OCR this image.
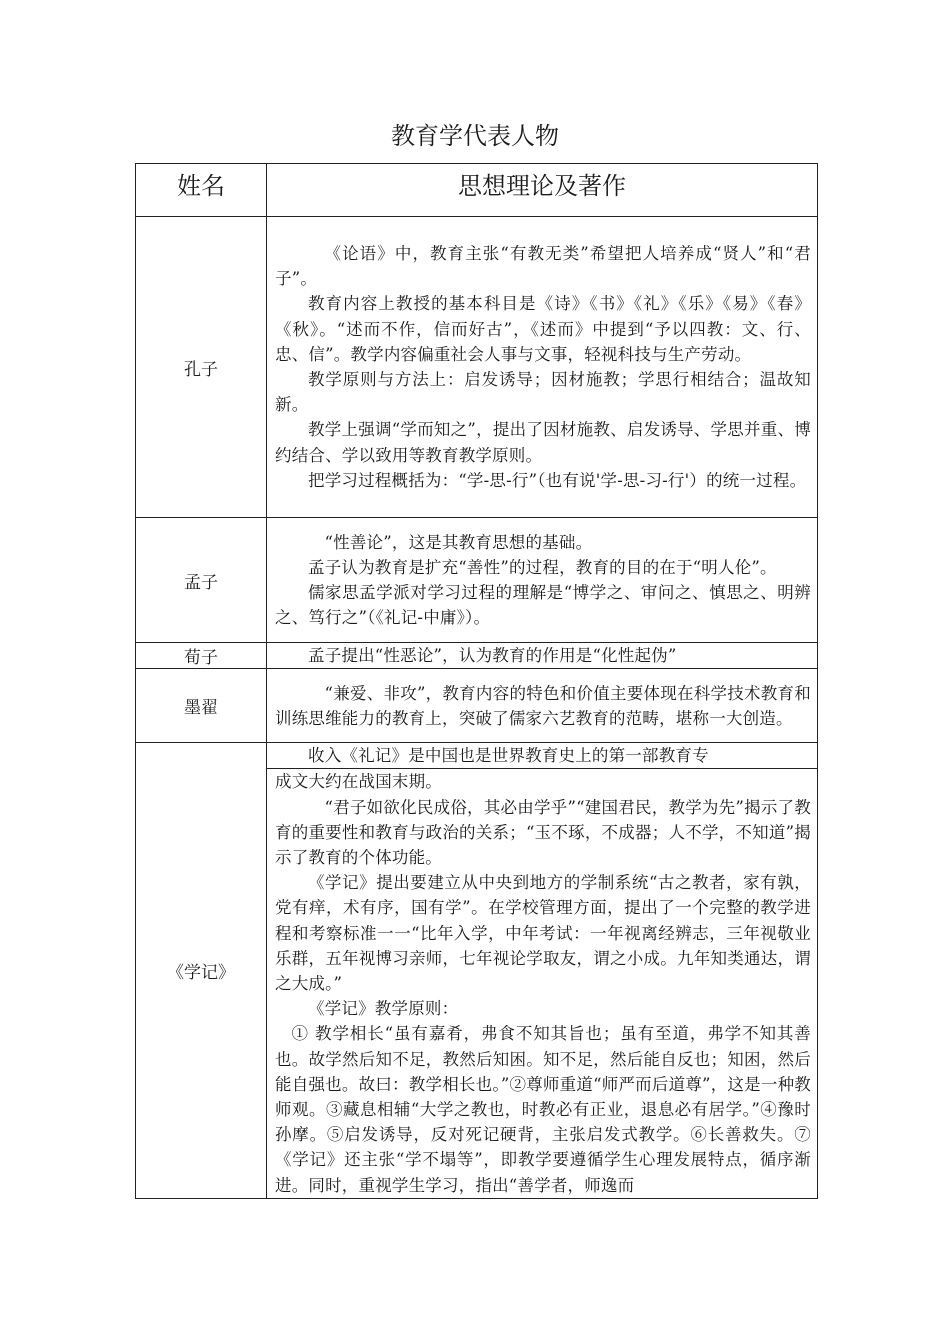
教育学代表人物
姓名	思想理论及著作
孔子	《论语》中，教育主张“有教无类”希望把人培养成“贤人”和“君子”。

教育内容上教授的基本科目是《诗》《书》《礼》《乐》《易》《春》《秋》。“述而不作，信而好古”，《述而》中提到“予以四教：文、行、忠、信”。教学内容偏重社会人事与文事，轻视科技与生产劳动。

教学原则与方法上：启发诱导；因材施教；学思行相结合；温故知新。

教学上强调“学而知之”，提出了因材施教、启发诱导、学思并重、博约结合、学以致用等教育教学原则。

把学习过程概括为：“学-思-行”（也有说'学-思-习-行'）的统一过程。

孟子	“性善论”，这是其教育思想的基础。

孟子认为教育是扩充“善性”的过程，教育的目的在于“明人伦”。

儒家思孟学派对学习过程的理解是“博学之、审问之、慎思之、明辨之、笃行之”（《礼记-中庸》）。

荀子	孟子提出“性恶论”，认为教育的作用是“化性起伪”

墨翟	“兼爱、非攻”，教育内容的特色和价值主要体现在科学技术教育和训练思维能力的教育上，突破了儒家六艺教育的范畴，堪称一大创造。

《学记》	收入《礼记》是中国也是世界教育史上的第一部教育专

	成文大约在战国末期。

“君子如欲化民成俗，其必由学乎”“建国君民，教学为先”揭示了教育的重要性和教育与政治的关系；“玉不琢，不成器；人不学，不知道”揭示了教育的个体功能。

《学记》提出要建立从中央到地方的学制系统“古之教者，家有孰，党有痒，术有序，国有学”。在学校管理方面，提出了一个完整的教学进程和考察标准一一“比年入学，中年考试：一年视离经辨志，三年视敬业乐群，五年视博习亲师，七年视论学取友，谓之小成。九年知类通达，谓之大成。”

《学记》教学原则：

① 教学相长“虽有嘉肴，弗食不知其旨也；虽有至道，弗学不知其善也。故学然后知不足，教然后知困。知不足，然后能自反也；知困，然后能自强也。故曰：教学相长也。”②尊师重道“师严而后道尊”，这是一种教师观。③藏息相辅“大学之教也，时教必有正业，退息必有居学。”④豫时孙摩。⑤启发诱导，反对死记硬背，主张启发式教学。⑥长善救失。⑦《学记》还主张“学不塌等”，即教学要遵循学生心理发展特点，循序渐进。同时，重视学生学习，指出“善学者，师逸而
